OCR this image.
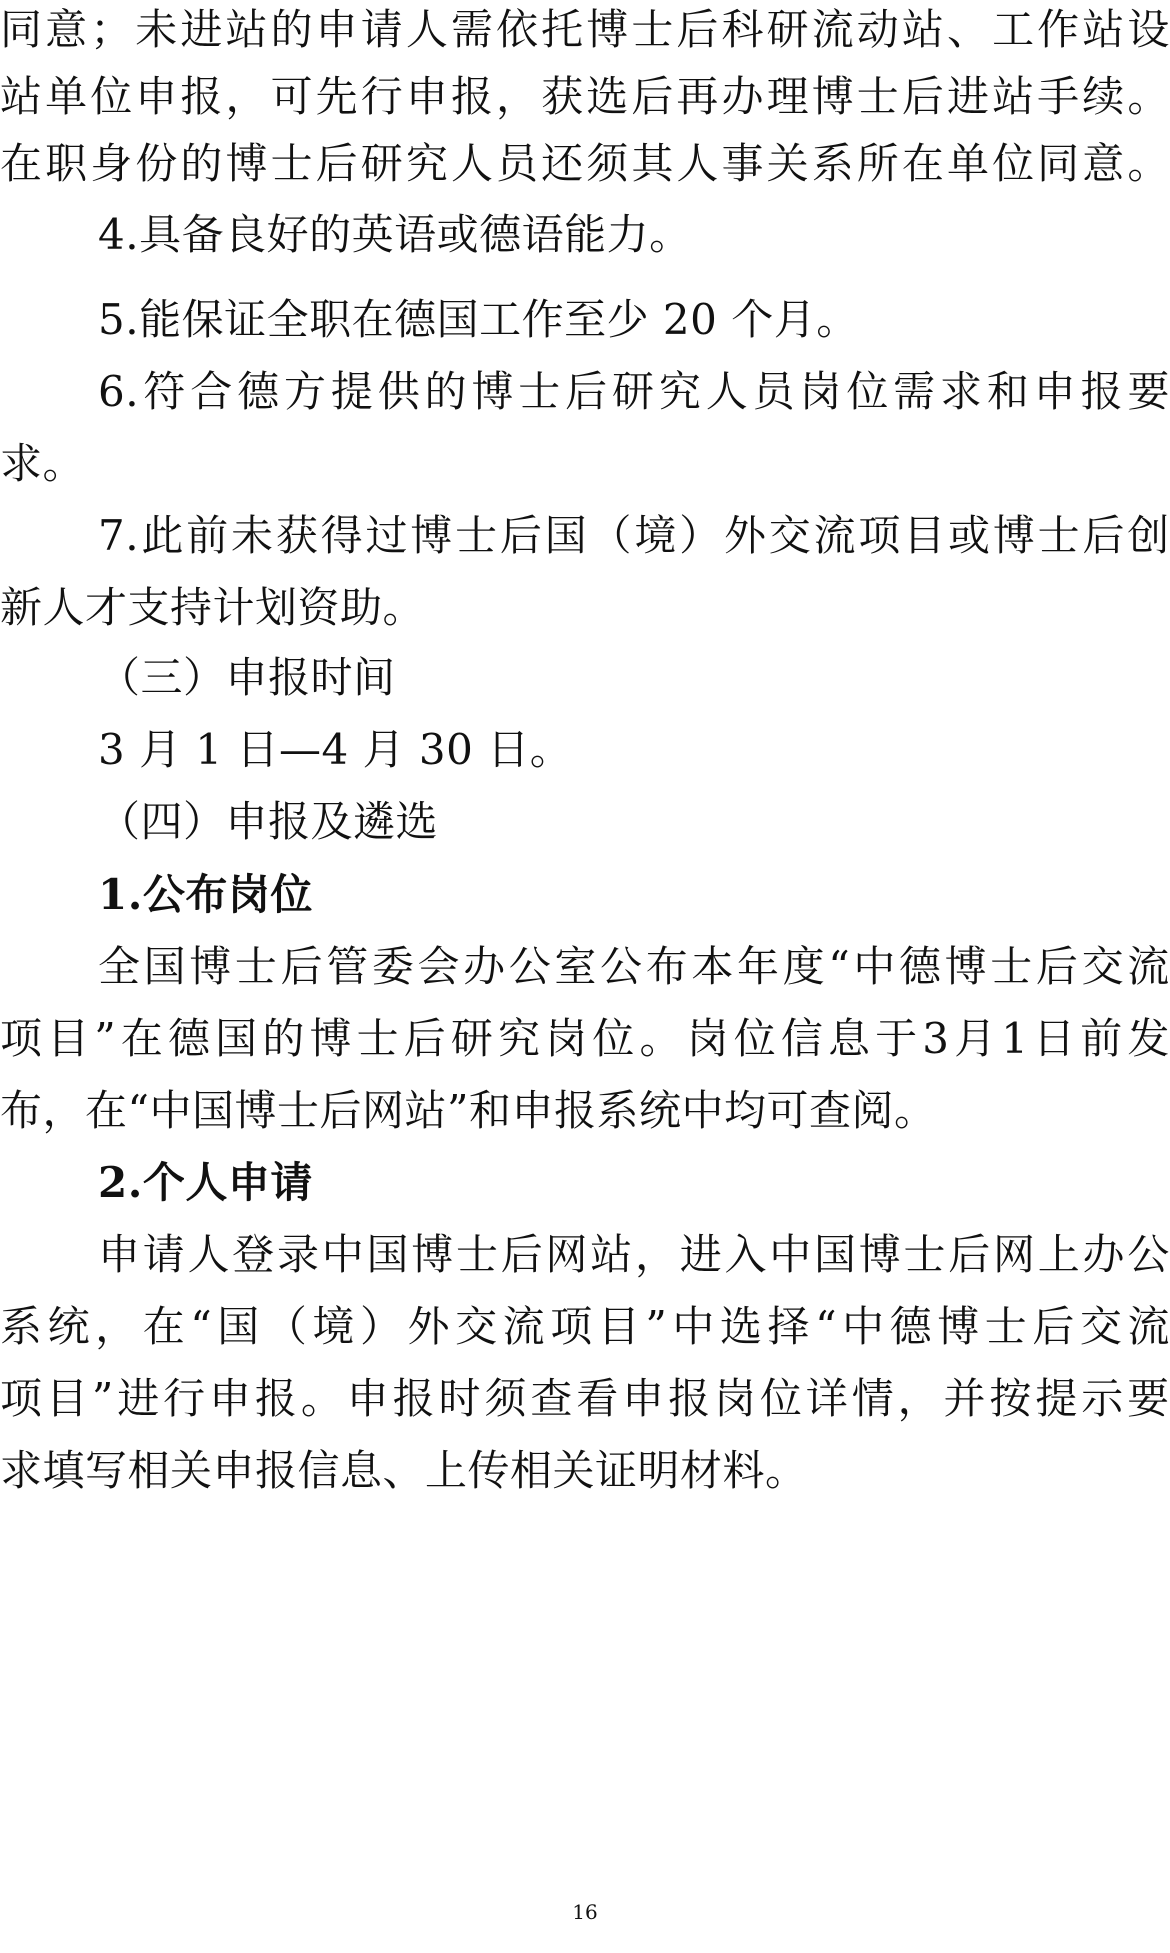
同 意 ； 未 进 站 的 申 请 人 需 依 托 博 士 后 科 研 流 动 站 、 工 作 站 设
站 单 位 申 报 ， 可 先 行 申 报 ， 获 选 后 再 办 理 博 士 后 进 站 手 续 。
在 职 身 份 的 博 士 后 研 究 人 员 还 须 其 人 事 关 系 所 在 单 位 同 意 。
4.具备良好的英语或德语能力。
5.能保证全职在德国工作至少 20 个月。
6. 符 合 德 方 提 供 的 博 士 后 研 究 人 员 岗 位 需 求 和 申 报 要
求。
7. 此 前 未 获 得 过 博 士 后 国 （ 境 ） 外 交 流 项 目 或 博 士 后 创
新人才支持计划资助。
（三）申报时间
3 月 1 日—4 月 30 日。
（四）申报及遴选
1.公布岗位
全 国 博 士 后 管 委 会 办 公 室 公 布 本 年 度 “ 中 德 博 士 后 交 流
项 目 ” 在 德 国 的 博 士 后 研 究 岗 位 。 岗 位 信 息 于 3 月 1 日 前 发
布，在“中国博士后网站”和申报系统中均可查阅。
2.个人申请
申 请 人 登 录 中 国 博 士 后 网 站 ， 进 入 中 国 博 士 后 网 上 办 公
系 统 ， 在 “ 国 （ 境 ） 外 交 流 项 目 ” 中 选 择 “ 中 德 博 士 后 交 流
项 目 ” 进 行 申 报 。 申 报 时 须 查 看 申 报 岗 位 详 情 ， 并 按 提 示 要
求填写相关申报信息、上传相关证明材料。
16
